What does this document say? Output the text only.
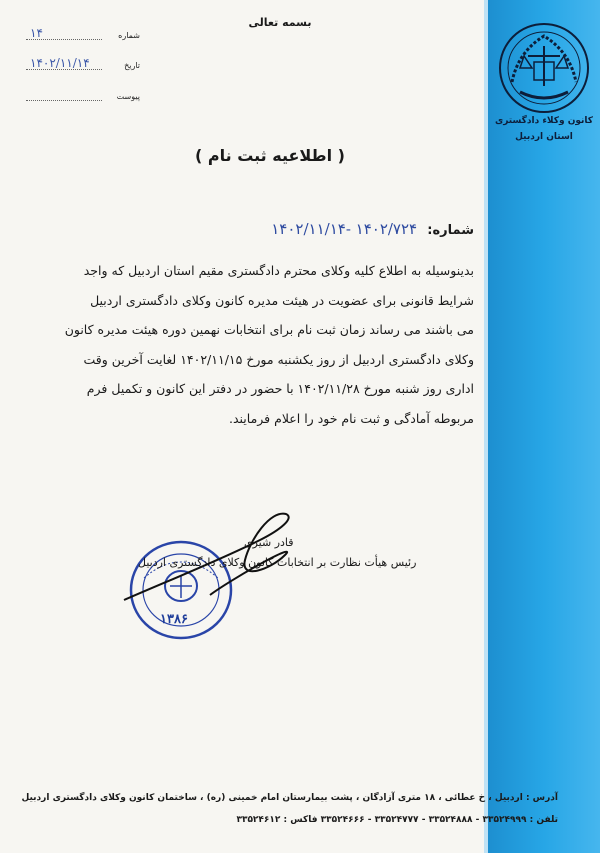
کانون وکلاء دادگستری
استان اردبیل
بسمه تعالی
شماره
۱۴
تاریخ
۱۴۰۲/۱۱/۱۴
پیوست
( اطلاعیه ثبت نام )
شماره: ۱۴۰۲/۷۲۴ -۱۴۰۲/۱۱/۱۴

بدینوسیله به اطلاع کلیه وکلای محترم دادگستری مقیم استان اردبیل که واجد

شرایط قانونی برای عضویت در هیئت مدیره کانون وکلای دادگستری اردبیل

می باشند می رساند زمان ثبت نام برای انتخابات نهمین دوره هیئت مدیره کانون

وکلای دادگستری اردبیل از روز یکشنبه مورخ ۱۴۰۲/۱۱/۱۵ لغایت آخرین وقت

اداری روز شنبه مورخ ۱۴۰۲/۱۱/۲۸ با حضور در دفتر این کانون و تکمیل فرم

مربوطه آمادگی و ثبت نام خود را اعلام فرمایند.

۱۳۸۶
قادر شیری
رئیس هیأت نظارت بر انتخابات کانون وکلای دادگستری اردبیل
آدرس : اردبیل ، خ عطائی ، ۱۸ متری آزادگان ، پشت بیمارستان امام خمینی (ره) ، ساختمان کانون وکلای دادگستری اردبیل
تلفن : ۳۳۵۲۴۹۹۹ - ۳۳۵۲۴۸۸۸ - ۳۳۵۲۴۷۷۷ - ۳۳۵۲۴۶۶۶ فاکس : ۳۳۵۲۴۶۱۲
